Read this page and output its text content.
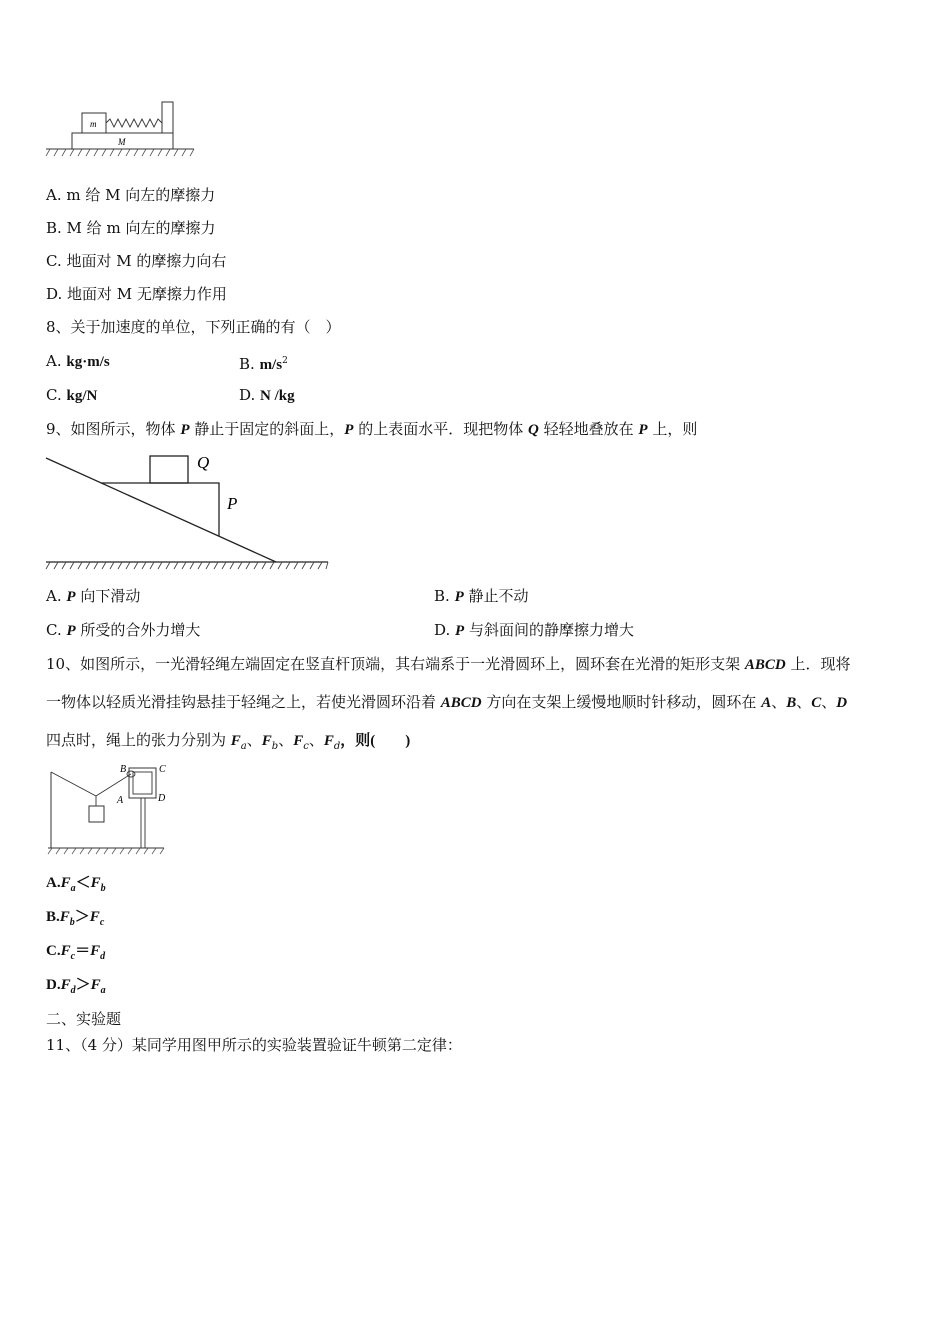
m
M
A. m 给 M 向左的摩擦力
B. M 给 m 向左的摩擦力
C. 地面对 M 的摩擦力向右
D. 地面对 M 无摩擦力作用
8、关于加速度的单位，下列正确的有（　）
A. kg·m/s	B. $m/s^2$
C. kg/N	D. N /kg
9、如图所示，物体 P 静止于固定的斜面上，P 的上表面水平．现把物体 Q 轻轻地叠放在 P 上，则
Q
P
A. P 向下滑动	B. P 静止不动
C. P 所受的合外力增大	D. P 与斜面间的静摩擦力增大
10、如图所示，一光滑轻绳左端固定在竖直杆顶端，其右端系于一光滑圆环上，圆环套在光滑的矩形支架 ABCD 上．现将
一物体以轻质光滑挂钩悬挂于轻绳之上，若使光滑圆环沿着 ABCD 方向在支架上缓慢地顺时针移动，圆环在 A、B、C、D
四点时，绳上的张力分别为 $F_a$、$F_b$、$F_c$、$F_d$，则(　　)
B	C
A	D
$A.F_a<F_b$
$B.F_b>F_c$
$C.F_c=F_d$
$D.F_d>F_a$
二、实验题
11、（4 分）某同学用图甲所示的实验装置验证牛顿第二定律：
